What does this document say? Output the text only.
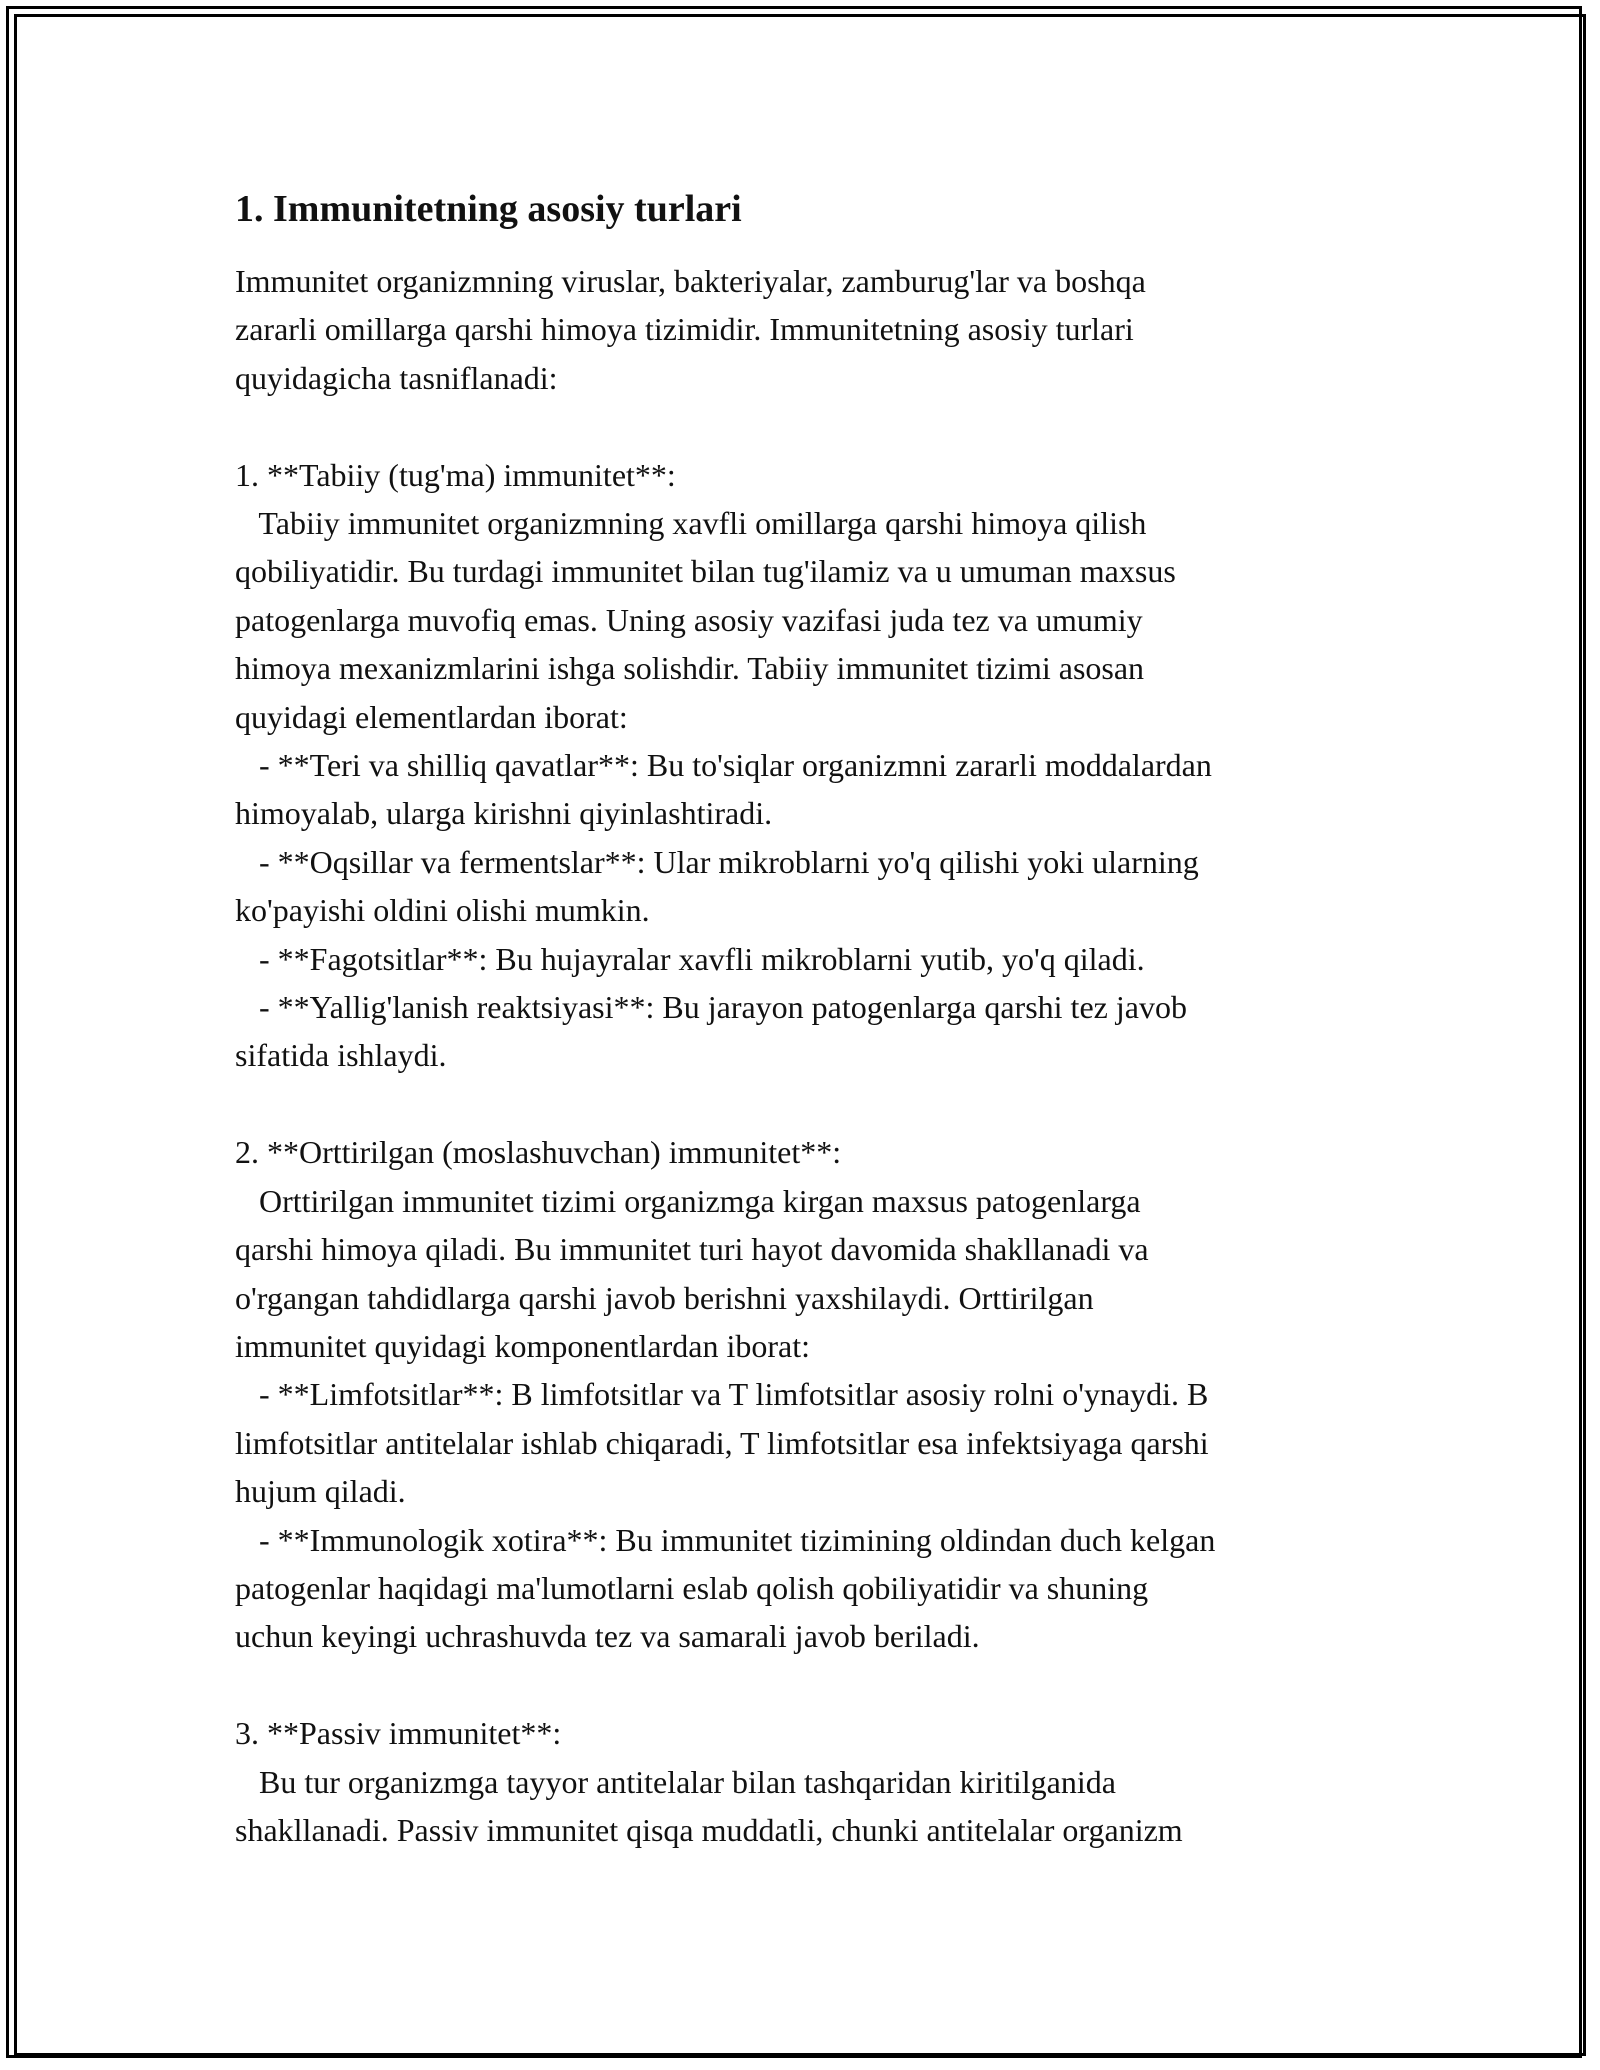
1. Immunitetning asosiy turlari

Immunitet organizmning viruslar, bakteriyalar, zamburug'lar va boshqa

zararli omillarga qarshi himoya tizimidir. Immunitetning asosiy turlari

quyidagicha tasniflanadi:

1. **Tabiiy (tug'ma) immunitet**:

Tabiiy immunitet organizmning xavfli omillarga qarshi himoya qilish

qobiliyatidir. Bu turdagi immunitet bilan tug'ilamiz va u umuman maxsus

patogenlarga muvofiq emas. Uning asosiy vazifasi juda tez va umumiy

himoya mexanizmlarini ishga solishdir. Tabiiy immunitet tizimi asosan

quyidagi elementlardan iborat:

- **Teri va shilliq qavatlar**: Bu to'siqlar organizmni zararli moddalardan

himoyalab, ularga kirishni qiyinlashtiradi.

- **Oqsillar va fermentslar**: Ular mikroblarni yo'q qilishi yoki ularning

ko'payishi oldini olishi mumkin.

- **Fagotsitlar**: Bu hujayralar xavfli mikroblarni yutib, yo'q qiladi.

- **Yallig'lanish reaktsiyasi**: Bu jarayon patogenlarga qarshi tez javob

sifatida ishlaydi.

2. **Orttirilgan (moslashuvchan) immunitet**:

Orttirilgan immunitet tizimi organizmga kirgan maxsus patogenlarga

qarshi himoya qiladi. Bu immunitet turi hayot davomida shakllanadi va

o'rgangan tahdidlarga qarshi javob berishni yaxshilaydi. Orttirilgan

immunitet quyidagi komponentlardan iborat:

- **Limfotsitlar**: B limfotsitlar va T limfotsitlar asosiy rolni o'ynaydi. B

limfotsitlar antitelalar ishlab chiqaradi, T limfotsitlar esa infektsiyaga qarshi

hujum qiladi.

- **Immunologik xotira**: Bu immunitet tizimining oldindan duch kelgan

patogenlar haqidagi ma'lumotlarni eslab qolish qobiliyatidir va shuning

uchun keyingi uchrashuvda tez va samarali javob beriladi.

3. **Passiv immunitet**:

Bu tur organizmga tayyor antitelalar bilan tashqaridan kiritilganida

shakllanadi. Passiv immunitet qisqa muddatli, chunki antitelalar organizm
